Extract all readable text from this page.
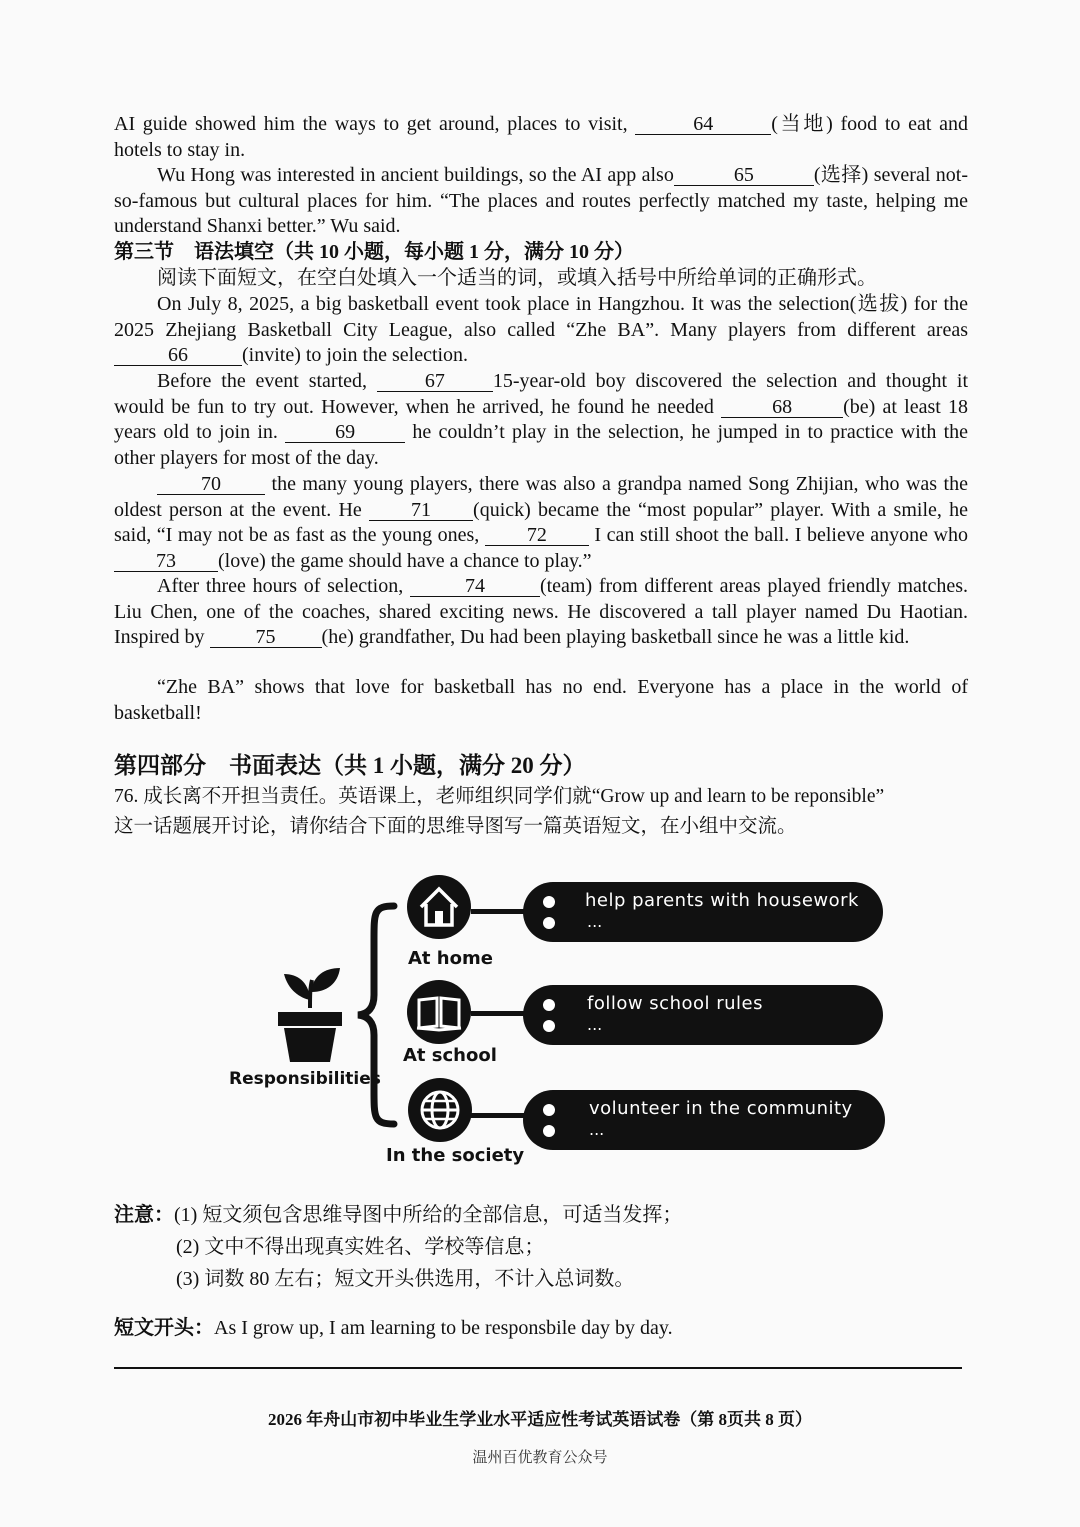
AI guide showed him the ways to get around, places to visit,	64	(当地) food to eat and hotels to stay in.
Wu Hong was interested in ancient buildings, so the AI app also	65	(选择) several not-so-famous but cultural places for him. “The places and routes perfectly matched my taste, helping me understand Shanxi better.” Wu said.
第三节　语法填空（共 10 小题，每小题 1 分，满分 10 分）
阅读下面短文，在空白处填入一个适当的词，或填入括号中所给单词的正确形式。
On July 8, 2025, a big basketball event took place in Hangzhou. It was the selection(选拔) for the 2025 Zhejiang Basketball City League, also called “Zhe BA”. Many players from different areas66	(invite) to join the selection.
Before the event started, 67 15-year-old boy discovered the selection and thought it would be fun to try out. However, when he arrived, he found he needed	68	(be) at least 18 years old to join in.	69	he couldn’t play in the selection, he jumped in to practice with the other players for most of the day.
70 the many young players, there was also a grandpa named Song Zhijian, who was the oldest person at the event. He 71 (quick) became the “most popular” player. With a smile, he said, “I may not be as fast as the young ones, 72 I can still shoot the ball. I believe anyone who 73 (love) the game should have a chance to play.”
After three hours of selection,	74	(team) from different areas played friendly matches. Liu Chen, one of the coaches, shared exciting news. He discovered a tall player named Du Haotian. Inspired by 75 (he) grandfather, Du had been playing basketball since he was a little kid.
“Zhe BA” shows that love for basketball has no end. Everyone has a place in the world of basketball!
第四部分　书面表达（共 1 小题，满分 20 分）
76. 成长离不开担当责任。英语课上，老师组织同学们就“Grow up and learn to be reponsible”
这一话题展开讨论，请你结合下面的思维导图写一篇英语短文，在小组中交流。
Responsibilities
At home
help parents with housework
...
At school
follow school rules
...
In the society
volunteer in the community
...
注意：(1) 短文须包含思维导图中所给的全部信息，可适当发挥；
(2) 文中不得出现真实姓名、学校等信息；
(3) 词数 80 左右；短文开头供选用，不计入总词数。
短文开头：As I grow up, I am learning to be responsbile day by day.
2026 年舟山市初中毕业生学业水平适应性考试英语试卷（第 8页共 8 页）
温州百优教育公众号
